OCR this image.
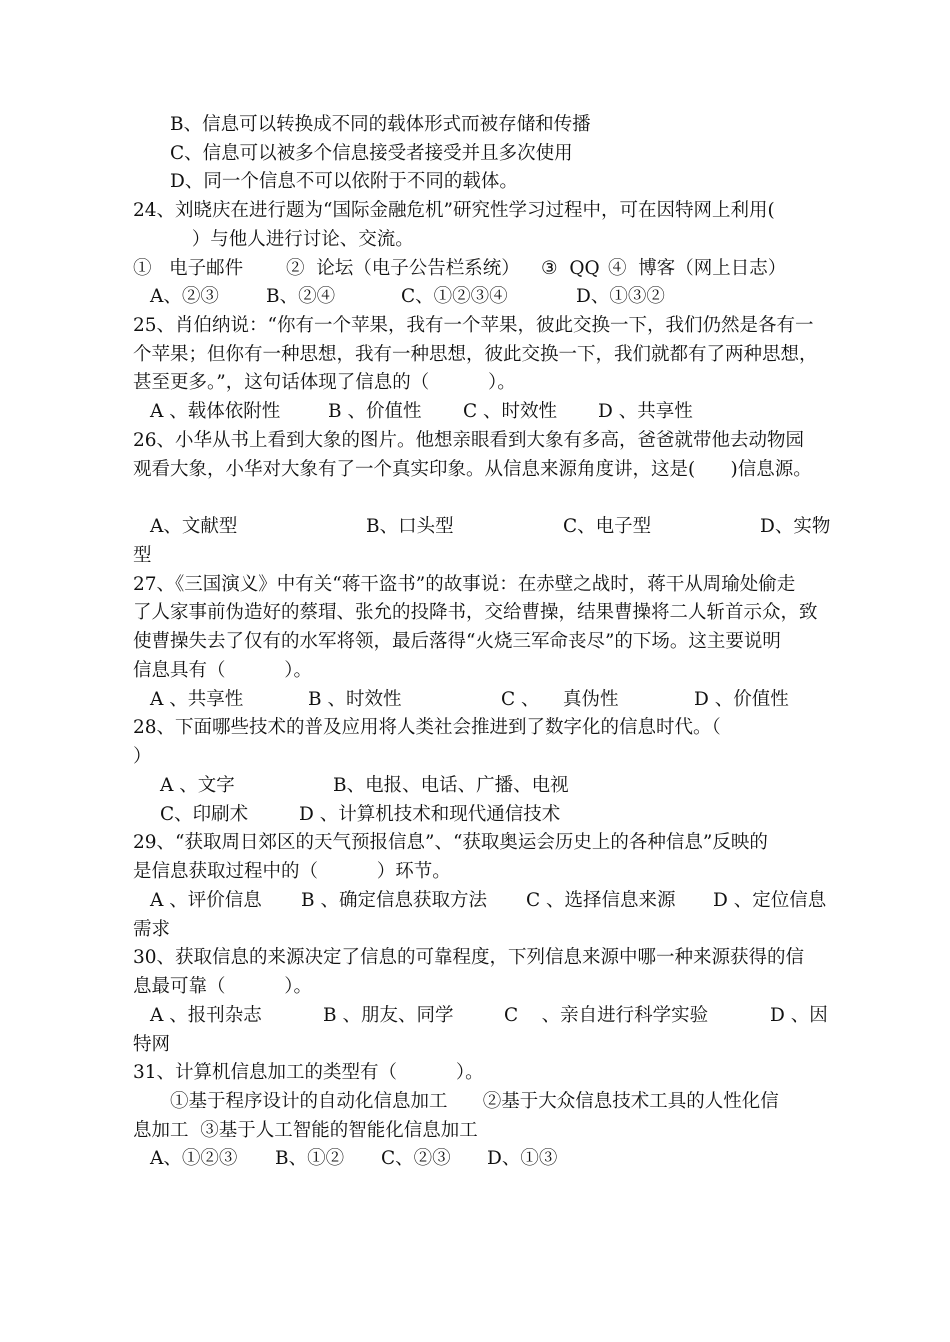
B、信息可以转换成不同的载体形式而被存储和传播
C、信息可以被多个信息接受者接受并且多次使用
D、同一个信息不可以依附于不同的载体。
24、刘晓庆在进行题为“国际金融危机”研究性学习过程中，可在因特网上利用(
）与他人进行讨论、交流。
①   电子邮件 ②  论坛（电子公告栏系统） ③  QQ ④  博客（网上日志）
A、②③	B、②④	C、①②③④	D、①③②
25、肖伯纳说：“你有一个苹果，我有一个苹果，彼此交换一下，我们仍然是各有一
个苹果；但你有一种思想，我有一种思想，彼此交换一下，我们就都有了两种思想，
甚至更多。”，这句话体现了信息的（          ）。
A 、载体依附性	B 、价值性 C 、时效性 D 、共享性
26、小华从书上看到大象的图片。他想亲眼看到大象有多高，爸爸就带他去动物园
观看大象，小华对大象有了一个真实印象。从信息来源角度讲，这是(      )信息源。
A、文献型	B、口头型	C、电子型	D、实物
型
27、《三国演义》中有关“蒋干盗书”的故事说：在赤壁之战时，蒋干从周瑜处偷走
了人家事前伪造好的蔡瑁、张允的投降书，交给曹操，结果曹操将二人斩首示众，致
使曹操失去了仅有的水军将领，最后落得“火烧三军命丧尽”的下场。这主要说明
信息具有（          ）。
A 、共享性	B 、时效性	C 、    真伪性	D 、价值性
28、下面哪些技术的普及应用将人类社会推进到了数字化的信息时代。（
）
A 、文字	B、电报、电话、广播、电视
C、印刷术	D 、计算机技术和现代通信技术
29、“获取周日郊区的天气预报信息”、“获取奥运会历史上的各种信息”反映的
是信息获取过程中的（          ）环节。
A 、评价信息 B 、确定信息获取方法 C 、选择信息来源 D 、定位信息
需求
30、获取信息的来源决定了信息的可靠程度，下列信息来源中哪一种来源获得的信
息最可靠（          ）。
A 、报刊杂志	B 、朋友、同学	C    、亲自进行科学实验	D 、因
特网
31、计算机信息加工的类型有（          ）。
①基于程序设计的自动化信息加工      ②基于大众信息技术工具的人性化信
息加工  ③基于人工智能的智能化信息加工
A、①②③ B、①② C、②③ D、①③
